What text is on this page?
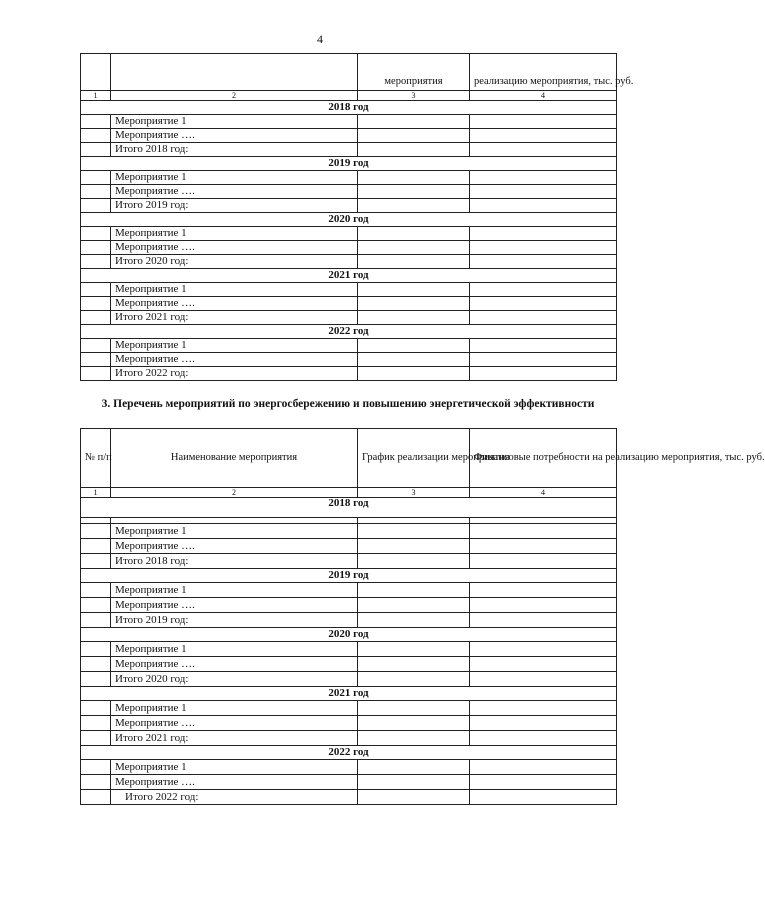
4
		мероприятия	реализацию мероприятия, тыс. руб.
1	2	3	4
2018 год			
	Мероприятие 1		
	Мероприятие ….		
	Итого 2018 год:		
2019 год			
	Мероприятие 1		
	Мероприятие ….		
	Итого 2019 год:		
2020 год			
	Мероприятие 1		
	Мероприятие ….		
	Итого 2020 год:		
2021 год			
	Мероприятие 1		
	Мероприятие ….		
	Итого 2021 год:		
2022 год			
	Мероприятие 1		
	Мероприятие ….		
	Итого 2022 год:		
3. Перечень мероприятий по энергосбережению и повышению энергетической эффективности
№ п/п	Наименование мероприятия	График реализации мероприятия	Финансовые потребности на реализацию мероприятия, тыс. руб.
1	2	3	4
2018 год			

	Мероприятие 1		
	Мероприятие ….		
	Итого 2018 год:		
2019 год			
	Мероприятие 1		
	Мероприятие ….		
	Итого 2019 год:		
2020 год			
	Мероприятие 1		
	Мероприятие ….		
	Итого 2020 год:		
2021 год			
	Мероприятие 1		
	Мероприятие ….		
	Итого 2021 год:		
2022 год			
	Мероприятие 1		
	Мероприятие ….		
	Итого 2022 год:		
